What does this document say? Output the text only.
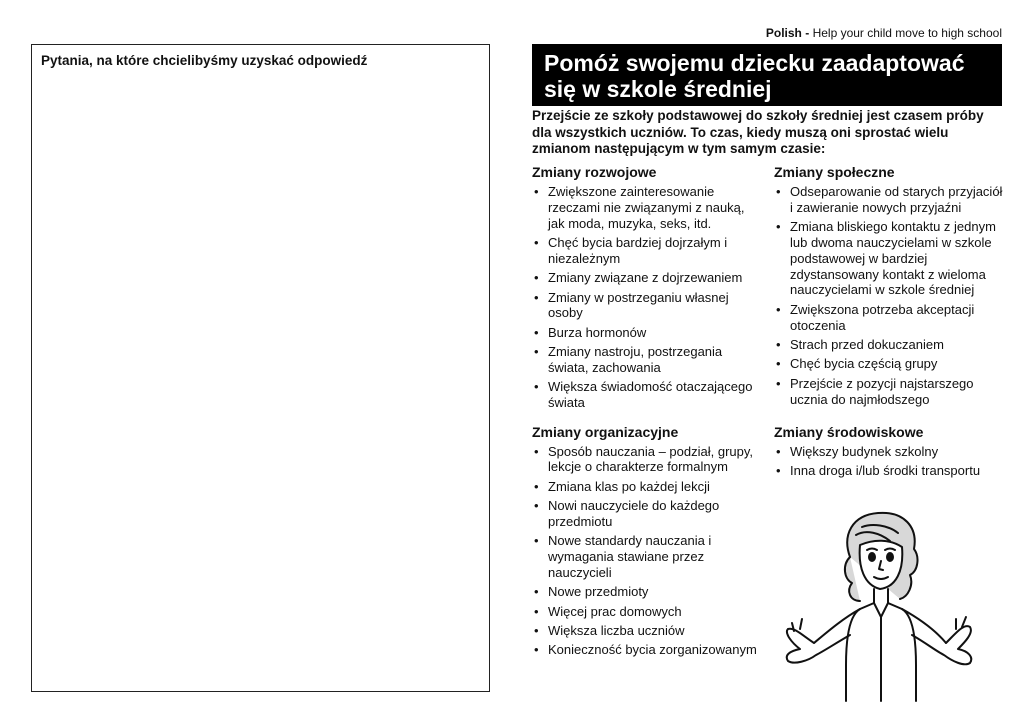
Polish - Help your child move to high school
Pytania, na które chcielibyśmy uzyskać odpowiedź	Pomóż swojemu dziecku zaadaptować
się w szkole średniej
Przejście ze szkoły podstawowej do szkoły średniej jest czasem próby dla wszystkich uczniów. To czas, kiedy muszą oni sprostać wielu zmianom następującym w tym samym czasie:
Zmiany rozwojowe
• Zwiększone zainteresowanie rzeczami nie związanymi z nauką, jak moda, muzyka, seks, itd.
• Chęć bycia bardziej dojrzałym i niezależnym
• Zmiany związane z dojrzewaniem
• Zmiany w postrzeganiu własnej osoby
• Burza hormonów
• Zmiany nastroju, postrzegania świata, zachowania
• Większa świadomość otaczającego świata
Zmiany organizacyjne
• Sposób nauczania – podział, grupy, lekcje o charakterze formalnym
• Zmiana klas po każdej lekcji
• Nowi nauczyciele do każdego przedmiotu
• Nowe standardy nauczania i wymagania stawiane przez nauczycieli
• Nowe przedmioty
• Więcej prac domowych
• Większa liczba uczniów
• Konieczność bycia zorganizowanym
Zmiany społeczne
• Odseparowanie od starych przyjaciół i zawieranie nowych przyjaźni
• Zmiana bliskiego kontaktu z jednym lub dwoma nauczycielami w szkole podstawowej w bardziej zdystansowany kontakt z wieloma nauczycielami w szkole średniej
• Zwiększona potrzeba akceptacji otoczenia
• Strach przed dokuczaniem
• Chęć bycia częścią grupy
• Przejście z pozycji najstarszego ucznia do najmłodszego
Zmiany środowiskowe
• Większy budynek szkolny
• Inna droga i/lub środki transportu
